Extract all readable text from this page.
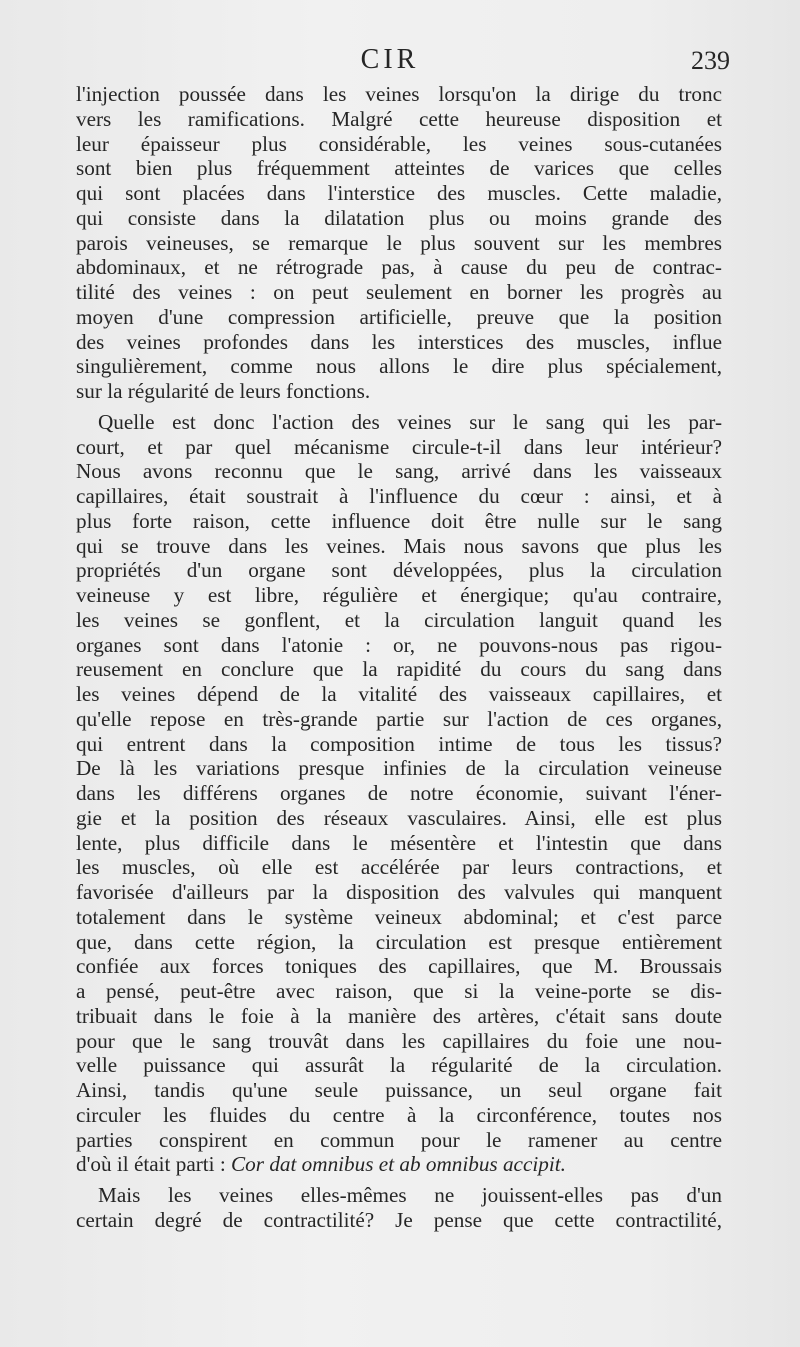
CIR	239
l'injection poussée dans les veines lorsqu'on la dirige du tronc
vers les ramifications. Malgré cette heureuse disposition et
leur épaisseur plus considérable, les veines sous-cutanées
sont bien plus fréquemment atteintes de varices que celles
qui sont placées dans l'interstice des muscles. Cette maladie,
qui consiste dans la dilatation plus ou moins grande des
parois veineuses, se remarque le plus souvent sur les membres
abdominaux, et ne rétrograde pas, à cause du peu de contrac-
tilité des veines : on peut seulement en borner les progrès au
moyen d'une compression artificielle, preuve que la position
des veines profondes dans les interstices des muscles, influe
singulièrement, comme nous allons le dire plus spécialement,
sur la régularité de leurs fonctions.
Quelle est donc l'action des veines sur le sang qui les par-
court, et par quel mécanisme circule-t-il dans leur intérieur?
Nous avons reconnu que le sang, arrivé dans les vaisseaux
capillaires, était soustrait à l'influence du cœur : ainsi, et à
plus forte raison, cette influence doit être nulle sur le sang
qui se trouve dans les veines. Mais nous savons que plus les
propriétés d'un organe sont développées, plus la circulation
veineuse y est libre, régulière et énergique; qu'au contraire,
les veines se gonflent, et la circulation languit quand les
organes sont dans l'atonie : or, ne pouvons-nous pas rigou-
reusement en conclure que la rapidité du cours du sang dans
les veines dépend de la vitalité des vaisseaux capillaires, et
qu'elle repose en très-grande partie sur l'action de ces organes,
qui entrent dans la composition intime de tous les tissus?
De là les variations presque infinies de la circulation veineuse
dans les différens organes de notre économie, suivant l'éner-
gie et la position des réseaux vasculaires. Ainsi, elle est plus
lente, plus difficile dans le mésentère et l'intestin que dans
les muscles, où elle est accélérée par leurs contractions, et
favorisée d'ailleurs par la disposition des valvules qui manquent
totalement dans le système veineux abdominal; et c'est parce
que, dans cette région, la circulation est presque entièrement
confiée aux forces toniques des capillaires, que M. Broussais
a pensé, peut-être avec raison, que si la veine-porte se dis-
tribuait dans le foie à la manière des artères, c'était sans doute
pour que le sang trouvât dans les capillaires du foie une nou-
velle puissance qui assurât la régularité de la circulation.
Ainsi, tandis qu'une seule puissance, un seul organe fait
circuler les fluides du centre à la circonférence, toutes nos
parties conspirent en commun pour le ramener au centre
d'où il était parti : Cor dat omnibus et ab omnibus accipit.
Mais les veines elles-mêmes ne jouissent-elles pas d'un
certain degré de contractilité? Je pense que cette contractilité,
